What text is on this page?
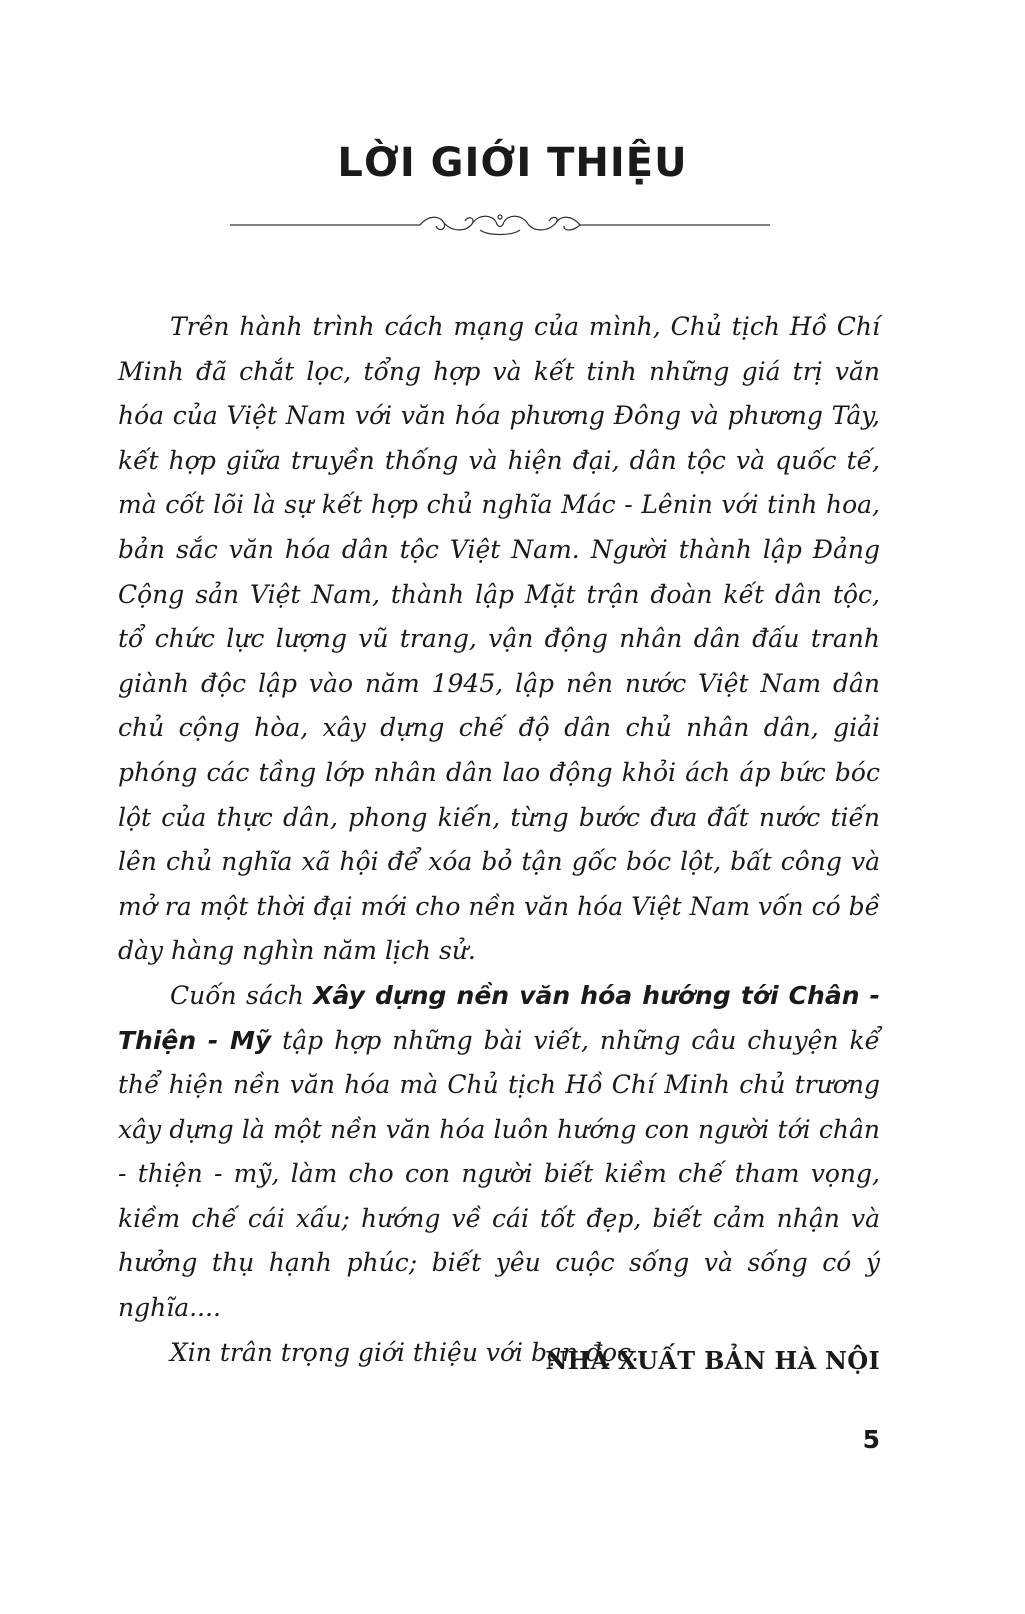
LỜI GIỚI THIỆU

Trên hành trình cách mạng của mình, Chủ tịch Hồ Chí Minh đã chắt lọc, tổng hợp và kết tinh những giá trị văn hóa của Việt Nam với văn hóa phương Đông và phương Tây, kết hợp giữa truyền thống và hiện đại, dân tộc và quốc tế, mà cốt lõi là sự kết hợp chủ nghĩa Mác - Lênin với tinh hoa, bản sắc văn hóa dân tộc Việt Nam. Người thành lập Đảng Cộng sản Việt Nam, thành lập Mặt trận đoàn kết dân tộc, tổ chức lực lượng vũ trang, vận động nhân dân đấu tranh giành độc lập vào năm 1945, lập nên nước Việt Nam dân chủ cộng hòa, xây dựng chế độ dân chủ nhân dân, giải phóng các tầng lớp nhân dân lao động khỏi ách áp bức bóc lột của thực dân, phong kiến, từng bước đưa đất nước tiến lên chủ nghĩa xã hội để xóa bỏ tận gốc bóc lột, bất công và mở ra một thời đại mới cho nền văn hóa Việt Nam vốn có bề dày hàng nghìn năm lịch sử.

Cuốn sách Xây dựng nền văn hóa hướng tới Chân - Thiện - Mỹ tập hợp những bài viết, những câu chuyện kể thể hiện nền văn hóa mà Chủ tịch Hồ Chí Minh chủ trương xây dựng là một nền văn hóa luôn hướng con người tới chân - thiện - mỹ, làm cho con người biết kiềm chế tham vọng, kiềm chế cái xấu; hướng về cái tốt đẹp, biết cảm nhận và hưởng thụ hạnh phúc; biết yêu cuộc sống và sống có ý nghĩa....

Xin trân trọng giới thiệu với bạn đọc.

NHÀ XUẤT BẢN HÀ NỘI
5
